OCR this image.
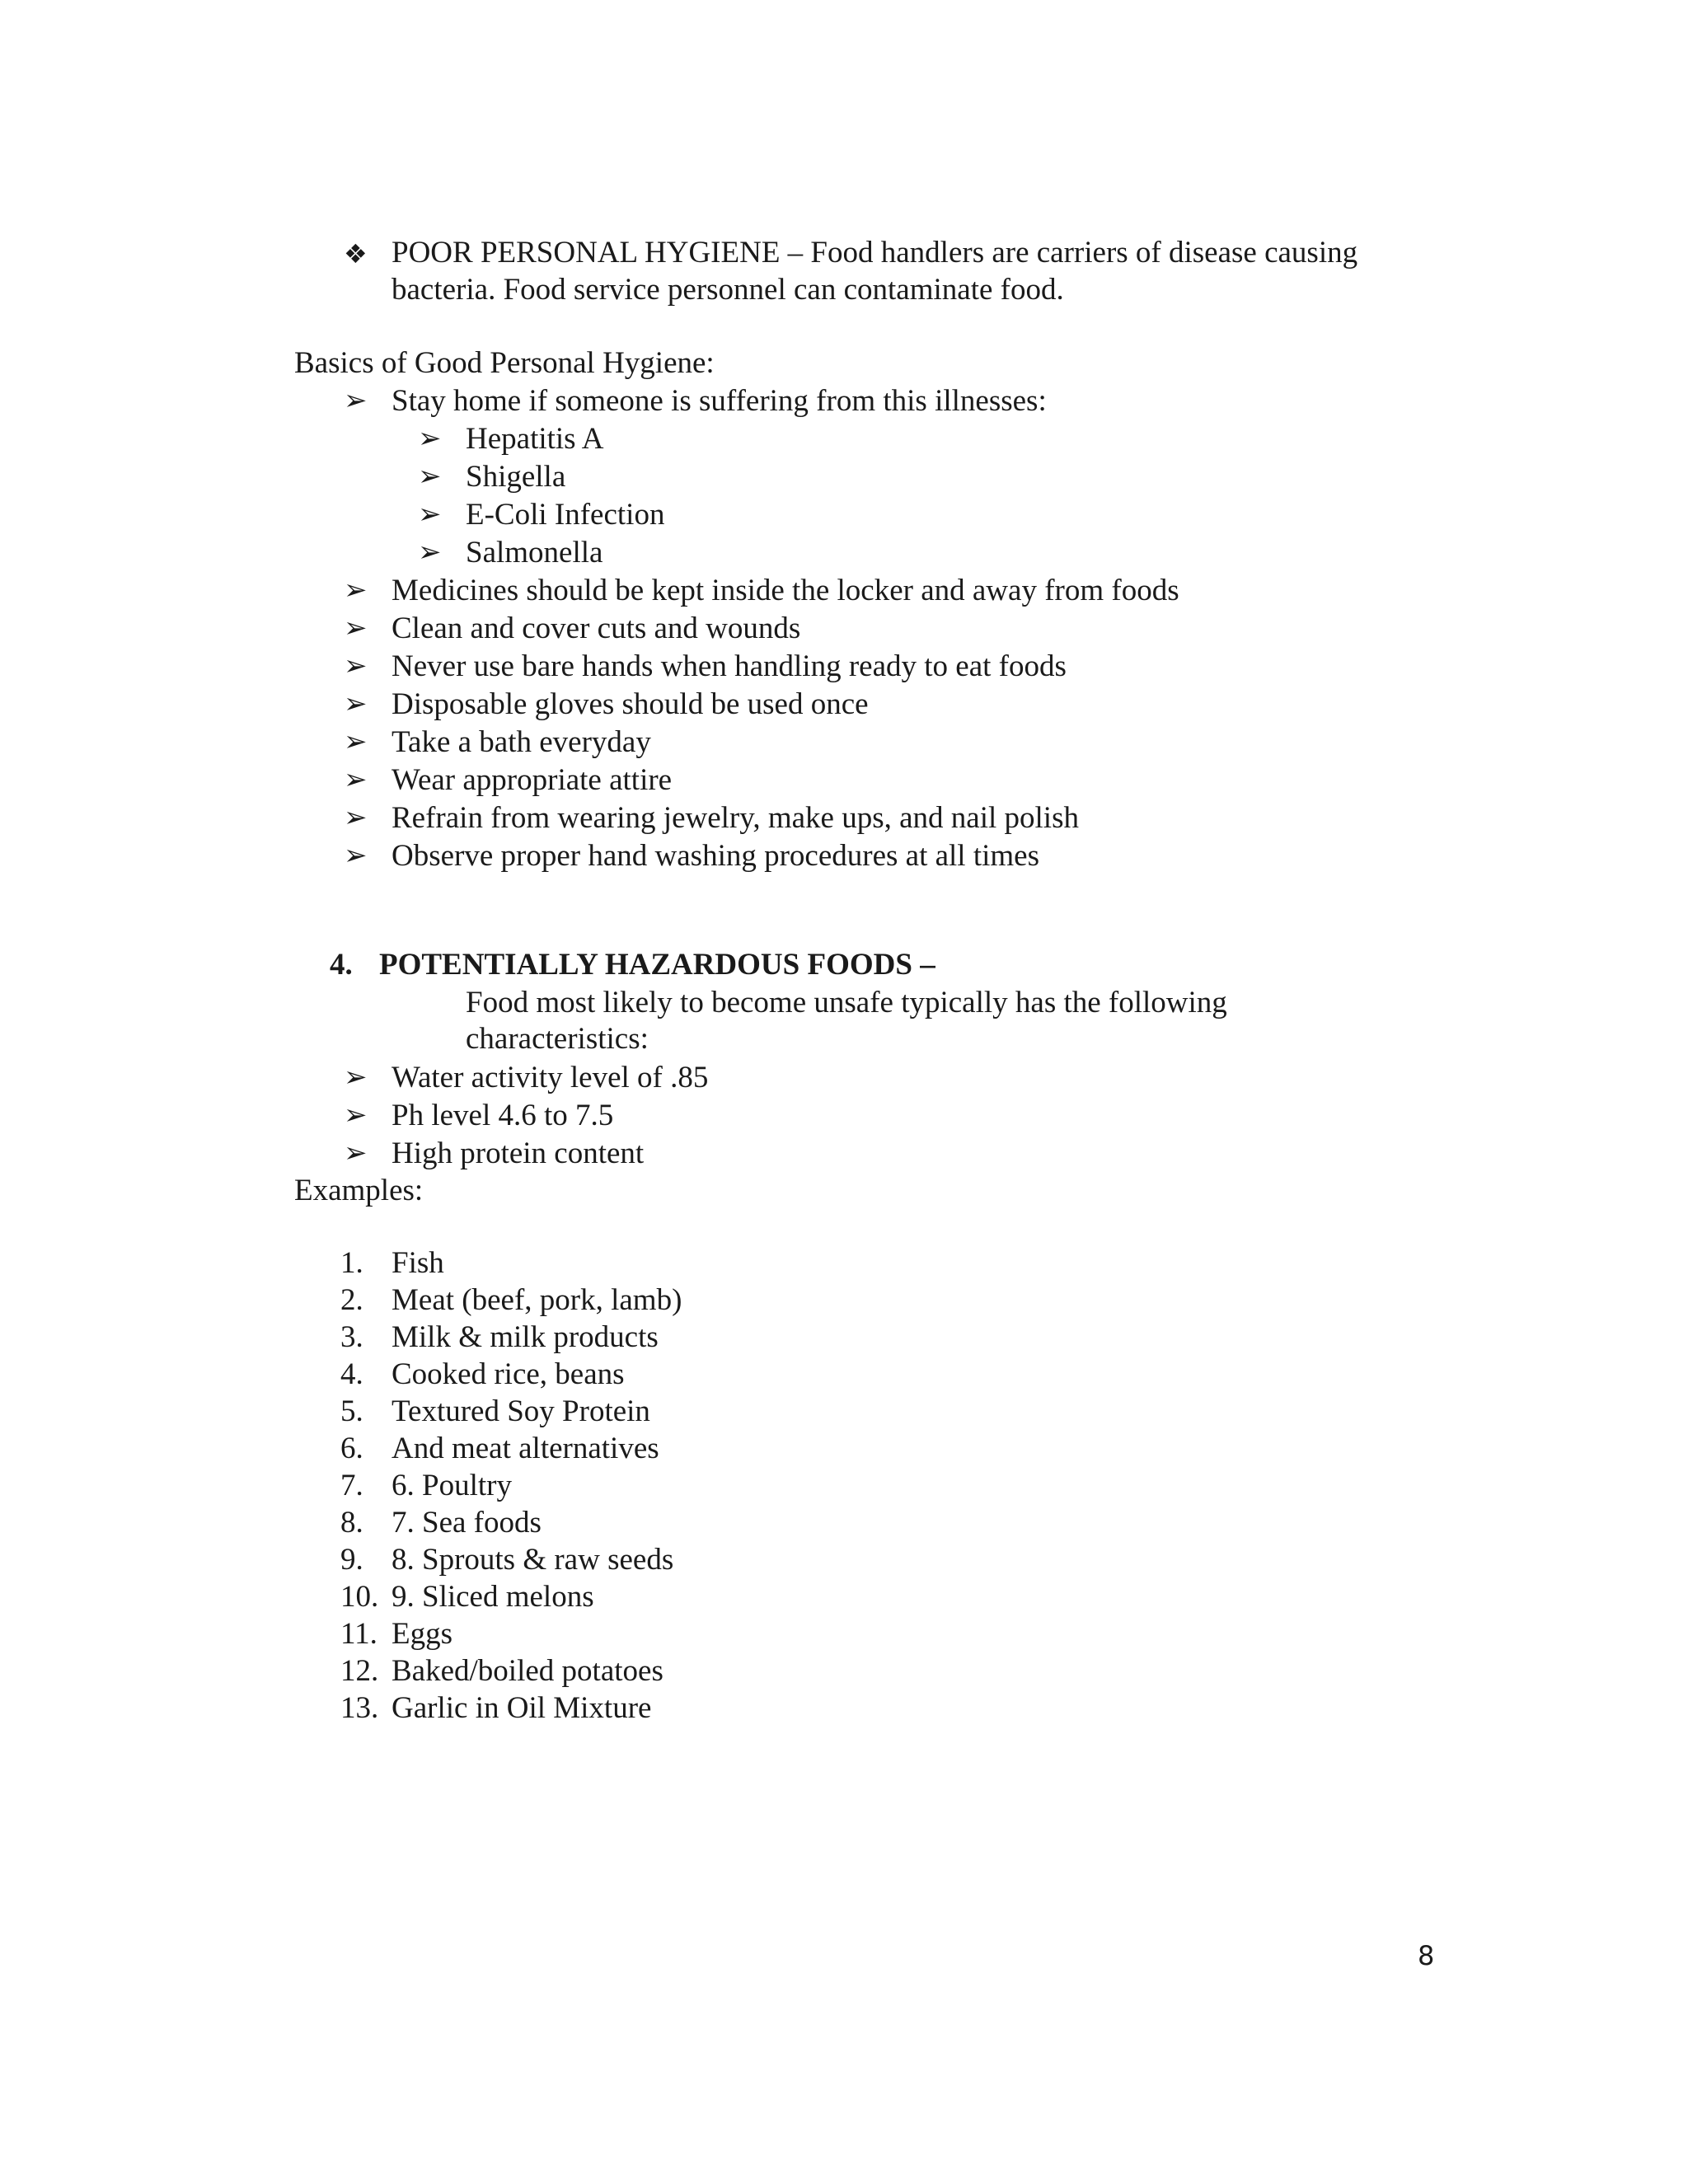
❖ POOR PERSONAL HYGIENE – Food handlers are carriers of disease causing
bacteria. Food service personnel can contaminate food.
Basics of Good Personal Hygiene:
➢ Stay home if someone is suffering from this illnesses:
➢ Hepatitis A
➢ Shigella
➢ E-Coli Infection
➢ Salmonella
➢ Medicines should be kept inside the locker and away from foods
➢ Clean and cover cuts and wounds
➢ Never use bare hands when handling ready to eat foods
➢ Disposable gloves should be used once
➢ Take a bath everyday
➢ Wear appropriate attire
➢ Refrain from wearing jewelry, make ups, and nail polish
➢ Observe proper hand washing procedures at all times
4. POTENTIALLY HAZARDOUS FOODS –
Food most likely to become unsafe typically has the following
characteristics:
➢ Water activity level of .85
➢ Ph level 4.6 to 7.5
➢ High protein content
Examples:
1. Fish
2. Meat (beef, pork, lamb)
3. Milk & milk products
4. Cooked rice, beans
5. Textured Soy Protein
6. And meat alternatives
7. 6. Poultry
8. 7. Sea foods
9. 8. Sprouts & raw seeds
10. 9. Sliced melons
11. Eggs
12. Baked/boiled potatoes
13. Garlic in Oil Mixture
8
